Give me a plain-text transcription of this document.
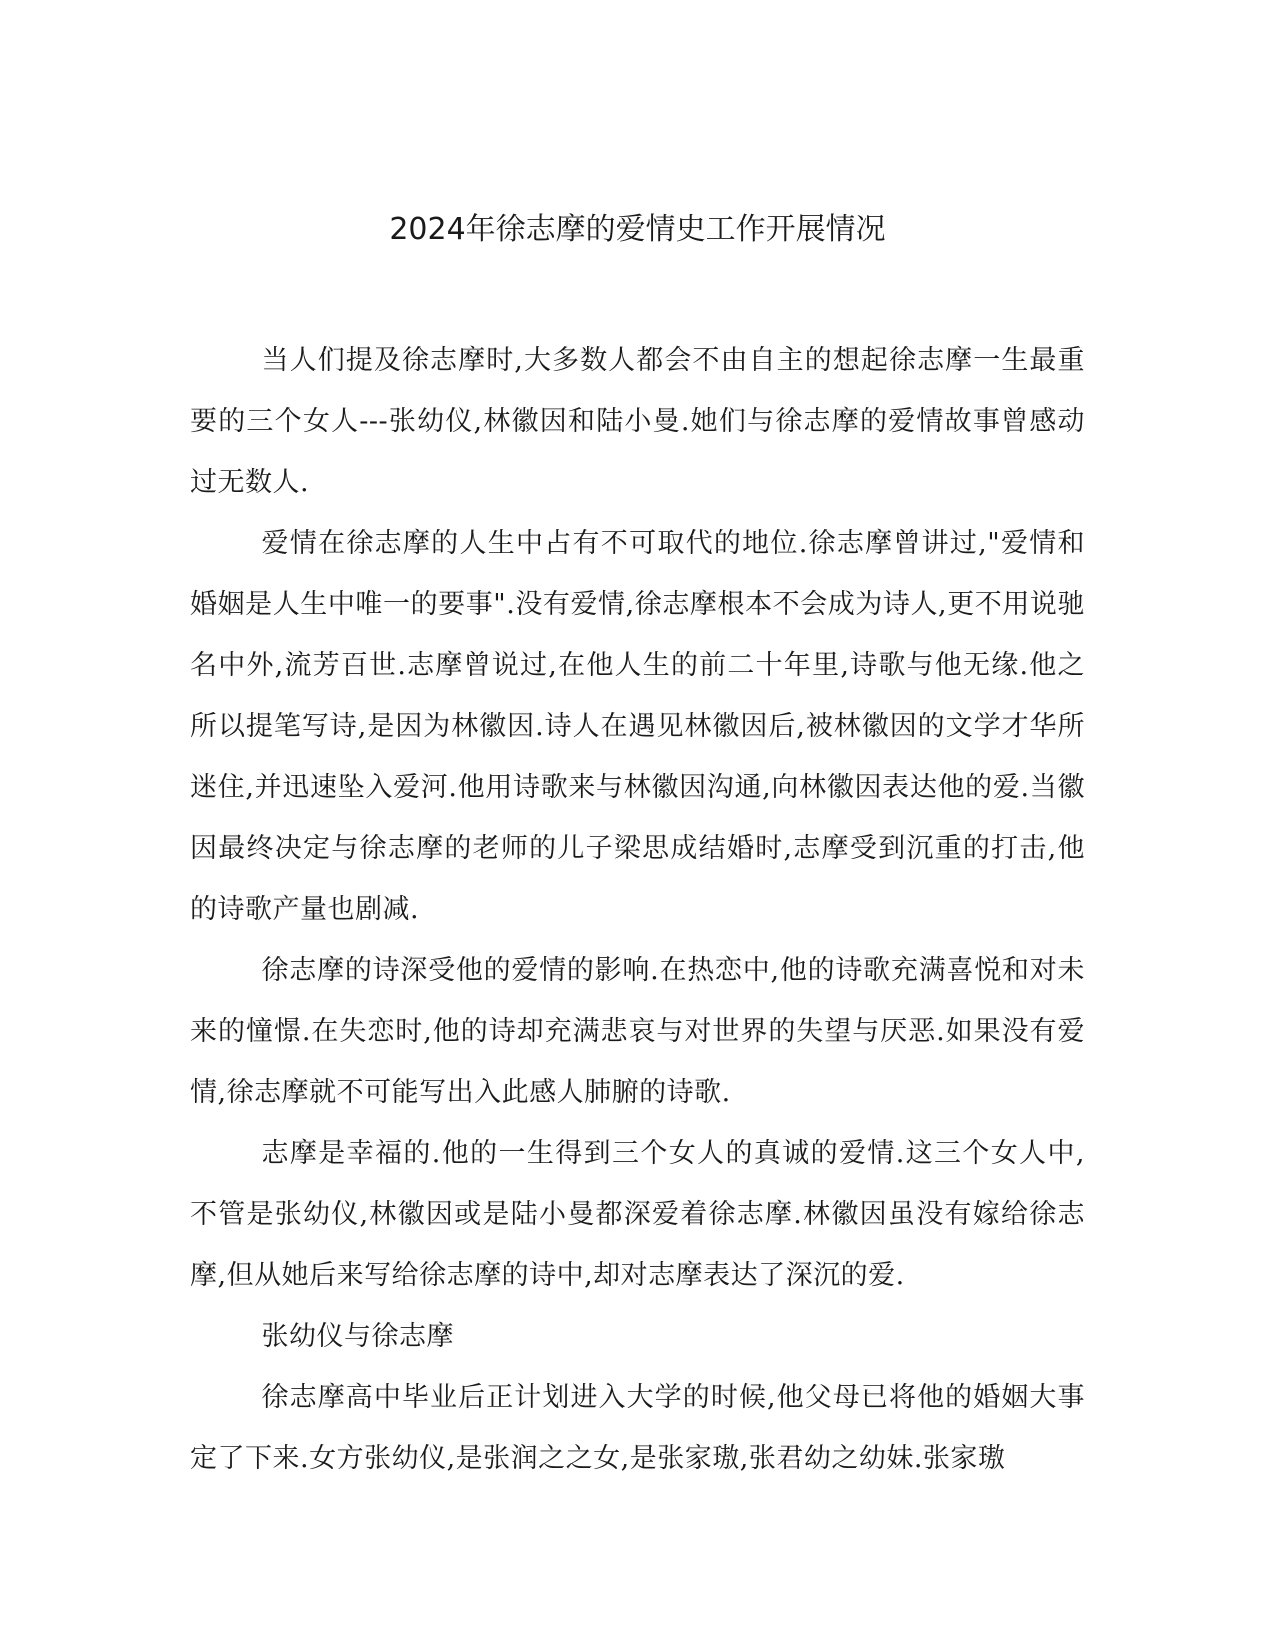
2024年徐志摩的爱情史工作开展情况

当人们提及徐志摩时,大多数人都会不由自主的想起徐志摩一生最重要的三个女人---张幼仪,林徽因和陆小曼.她们与徐志摩的爱情故事曾感动过无数人.

爱情在徐志摩的人生中占有不可取代的地位.徐志摩曾讲过,"爱情和婚姻是人生中唯一的要事".没有爱情,徐志摩根本不会成为诗人,更不用说驰名中外,流芳百世.志摩曾说过,在他人生的前二十年里,诗歌与他无缘.他之所以提笔写诗,是因为林徽因.诗人在遇见林徽因后,被林徽因的文学才华所迷住,并迅速坠入爱河.他用诗歌来与林徽因沟通,向林徽因表达他的爱.当徽因最终决定与徐志摩的老师的儿子梁思成结婚时,志摩受到沉重的打击,他的诗歌产量也剧减.

徐志摩的诗深受他的爱情的影响.在热恋中,他的诗歌充满喜悦和对未来的憧憬.在失恋时,他的诗却充满悲哀与对世界的失望与厌恶.如果没有爱情,徐志摩就不可能写出入此感人肺腑的诗歌.

志摩是幸福的.他的一生得到三个女人的真诚的爱情.这三个女人中,不管是张幼仪,林徽因或是陆小曼都深爱着徐志摩.林徽因虽没有嫁给徐志摩,但从她后来写给徐志摩的诗中,却对志摩表达了深沉的爱.

张幼仪与徐志摩

徐志摩高中毕业后正计划进入大学的时候,他父母已将他的婚姻大事定了下来.女方张幼仪,是张润之之女,是张家璈,张君幼之幼妹.张家璈
